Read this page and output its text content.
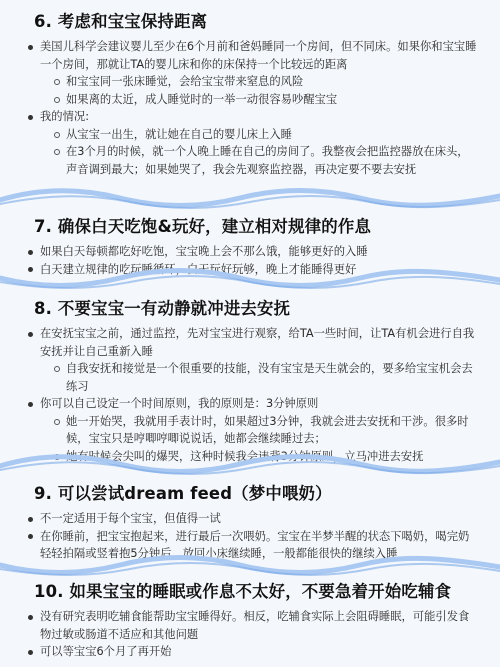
6. 考虑和宝宝保持距离
美国儿科学会建议婴儿至少在6个月前和爸妈睡同一个房间，但不同床。如果你和宝宝睡一个房间，那就让TA的婴儿床和你的床保持一个比较远的距离
和宝宝同一张床睡觉，会给宝宝带来窒息的风险
如果离的太近，成人睡觉时的一举一动很容易吵醒宝宝
我的情况:
从宝宝一出生，就让她在自己的婴儿床上入睡
在3个月的时候，就一个人晚上睡在自己的房间了。我整夜会把监控器放在床头，声音调到最大；如果她哭了，我会先观察监控器，再决定要不要去安抚
7. 确保白天吃饱&玩好，建立相对规律的作息
如果白天每顿都吃好吃饱，宝宝晚上会不那么饿，能够更好的入睡
白天建立规律的吃玩睡循环，白天玩好玩够，晚上才能睡得更好
8. 不要宝宝一有动静就冲进去安抚
在安抚宝宝之前，通过监控，先对宝宝进行观察，给TA一些时间，让TA有机会进行自我安抚并让自己重新入睡
自我安抚和接觉是一个很重要的技能，没有宝宝是天生就会的，要多给宝宝机会去练习
你可以自己设定一个时间原则，我的原则是：3分钟原则
她一开始哭，我就用手表计时，如果超过3分钟，我就会进去安抚和干涉。很多时候，宝宝只是哼唧哼唧说说话，她都会继续睡过去；
她有时候会尖叫的爆哭，这种时候我会违背3分钟原则，立马冲进去安抚
9. 可以尝试dream feed（梦中喂奶）
不一定适用于每个宝宝，但值得一试
在你睡前，把宝宝抱起来，进行最后一次喂奶。宝宝在半梦半醒的状态下喝奶，喝完奶轻轻拍隔或竖着抱5分钟后，放回小床继续睡，一般都能很快的继续入睡
10. 如果宝宝的睡眠或作息不太好，不要急着开始吃辅食
没有研究表明吃辅食能帮助宝宝睡得好。相反，吃辅食实际上会阻碍睡眠，可能引发食物过敏或肠道不适应和其他问题
可以等宝宝6个月了再开始
